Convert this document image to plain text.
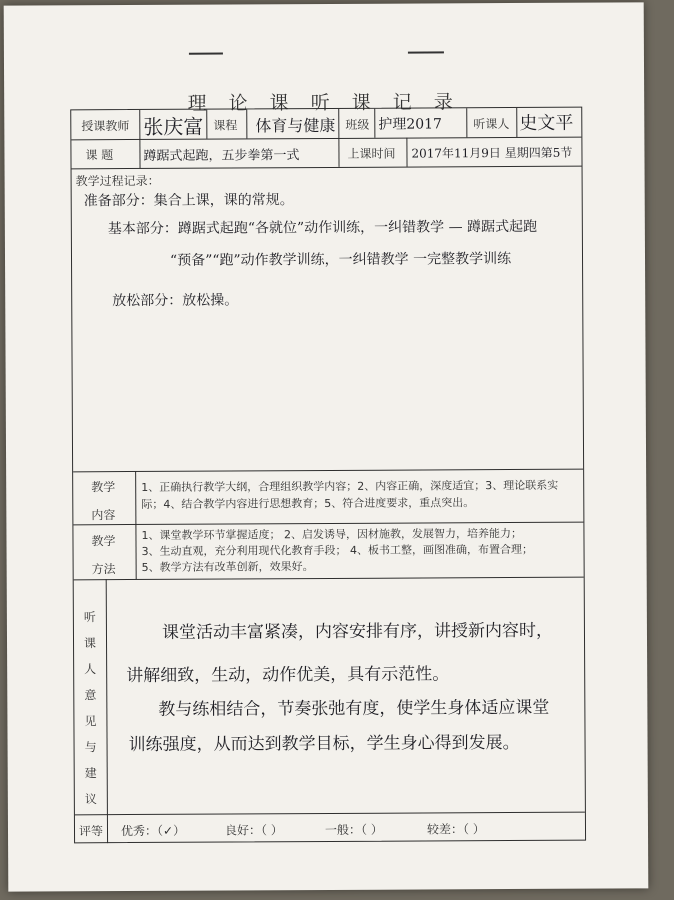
理 论 课 听 课 记 录
授课教师 张庆富 课程 体育与健康 班级 护理2017	听课人 史文平
课 题 蹲踞式起跑，五步拳第一式	上课时间 2017年11月9日 星期四第5节
教学过程记录：
准备部分：集合上课，课的常规。
基本部分：蹲踞式起跑“各就位”动作训练，一纠错教学 — 蹲踞式起跑
“预备”“跑”动作教学训练，一纠错教学 一完整教学训练
放松部分：放松操。
教学
内容
1、正确执行教学大纲，合理组织教学内容；2、内容正确，深度适宜；3、理论联系实
际；4、结合教学内容进行思想教育；5、符合进度要求，重点突出。
教学
方法
1、课堂教学环节掌握适度； 2、启发诱导，因材施教，发展智力，培养能力；
3、生动直观，充分利用现代化教育手段； 4、板书工整，画图准确，布置合理；
5、教学方法有改革创新，效果好。
听
课
人
意
见
与
建
议
课堂活动丰富紧凑，内容安排有序，讲授新内容时，
讲解细致，生动，动作优美，具有示范性。
教与练相结合，节奏张弛有度，使学生身体适应课堂
训练强度，从而达到教学目标，学生身心得到发展。
评等 优秀：（✓）	良好：（ ）	一般：（ ）	较差：（ ）
